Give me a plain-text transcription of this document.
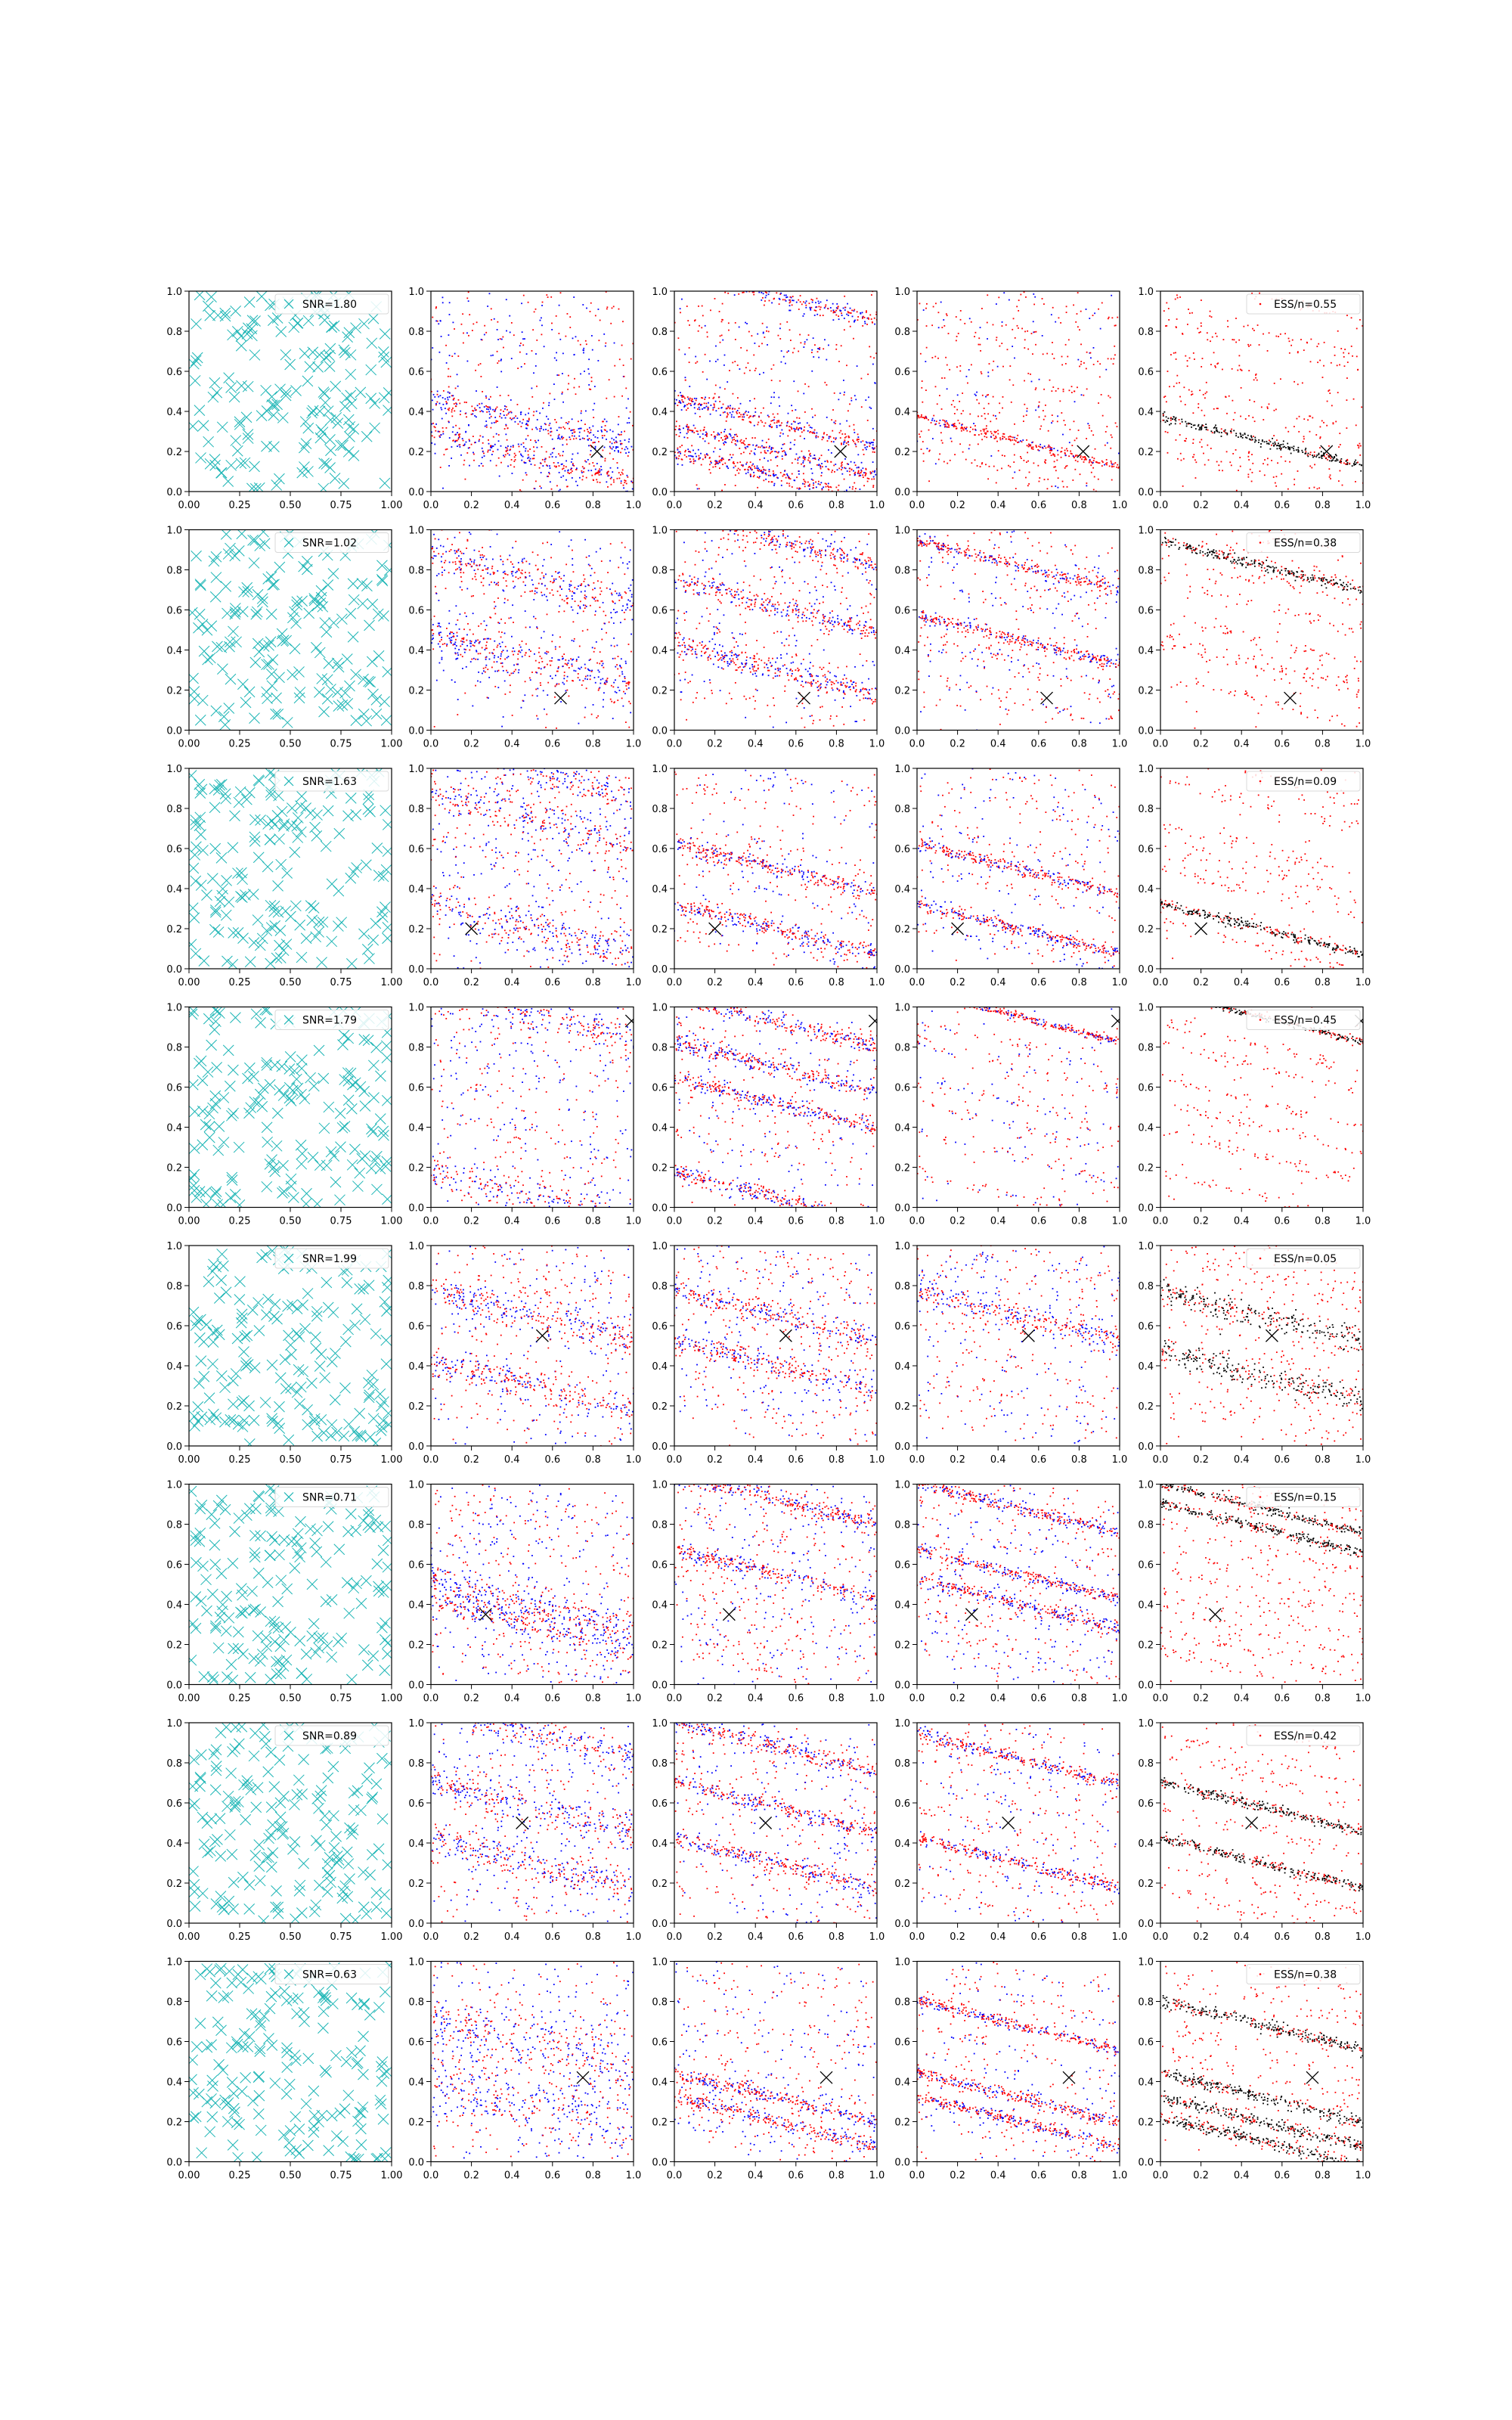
0.00	0.25	0.50	0.75	1.00
0.0
0.2
0.4
0.6
0.8
1.0
SNR=1.80
0.0	0.2	0.4	0.6	0.8	1.0
0.0
0.2
0.4
0.6
0.8
1.0
0.0	0.2	0.4	0.6	0.8	1.0
0.0
0.2
0.4
0.6
0.8
1.0
0.0	0.2	0.4	0.6	0.8	1.0
0.0
0.2
0.4
0.6
0.8
1.0
0.0	0.2	0.4	0.6	0.8	1.0
0.0
0.2
0.4
0.6
0.8
1.0
ESS/n=0.55
0.00	0.25	0.50	0.75	1.00
0.0
0.2
0.4
0.6
0.8
1.0
SNR=1.02
0.0	0.2	0.4	0.6	0.8	1.0
0.0
0.2
0.4
0.6
0.8
1.0
0.0	0.2	0.4	0.6	0.8	1.0
0.0
0.2
0.4
0.6
0.8
1.0
0.0	0.2	0.4	0.6	0.8	1.0
0.0
0.2
0.4
0.6
0.8
1.0
0.0	0.2	0.4	0.6	0.8	1.0
0.0
0.2
0.4
0.6
0.8
1.0
ESS/n=0.38
0.00	0.25	0.50	0.75	1.00
0.0
0.2
0.4
0.6
0.8
1.0
SNR=1.63
0.0	0.2	0.4	0.6	0.8	1.0
0.0
0.2
0.4
0.6
0.8
1.0
0.0	0.2	0.4	0.6	0.8	1.0
0.0
0.2
0.4
0.6
0.8
1.0
0.0	0.2	0.4	0.6	0.8	1.0
0.0
0.2
0.4
0.6
0.8
1.0
0.0	0.2	0.4	0.6	0.8	1.0
0.0
0.2
0.4
0.6
0.8
1.0
ESS/n=0.09
0.00	0.25	0.50	0.75	1.00
0.0
0.2
0.4
0.6
0.8
1.0
SNR=1.79
0.0	0.2	0.4	0.6	0.8	1.0
0.0
0.2
0.4
0.6
0.8
1.0
0.0	0.2	0.4	0.6	0.8	1.0
0.0
0.2
0.4
0.6
0.8
1.0
0.0	0.2	0.4	0.6	0.8	1.0
0.0
0.2
0.4
0.6
0.8
1.0
0.0	0.2	0.4	0.6	0.8	1.0
0.0
0.2
0.4
0.6
0.8
1.0
ESS/n=0.45
0.00	0.25	0.50	0.75	1.00
0.0
0.2
0.4
0.6
0.8
1.0
SNR=1.99
0.0	0.2	0.4	0.6	0.8	1.0
0.0
0.2
0.4
0.6
0.8
1.0
0.0	0.2	0.4	0.6	0.8	1.0
0.0
0.2
0.4
0.6
0.8
1.0
0.0	0.2	0.4	0.6	0.8	1.0
0.0
0.2
0.4
0.6
0.8
1.0
0.0	0.2	0.4	0.6	0.8	1.0
0.0
0.2
0.4
0.6
0.8
1.0
ESS/n=0.05
0.00	0.25	0.50	0.75	1.00
0.0
0.2
0.4
0.6
0.8
1.0
SNR=0.71
0.0	0.2	0.4	0.6	0.8	1.0
0.0
0.2
0.4
0.6
0.8
1.0
0.0	0.2	0.4	0.6	0.8	1.0
0.0
0.2
0.4
0.6
0.8
1.0
0.0	0.2	0.4	0.6	0.8	1.0
0.0
0.2
0.4
0.6
0.8
1.0
0.0	0.2	0.4	0.6	0.8	1.0
0.0
0.2
0.4
0.6
0.8
1.0
ESS/n=0.15
0.00	0.25	0.50	0.75	1.00
0.0
0.2
0.4
0.6
0.8
1.0
SNR=0.89
0.0	0.2	0.4	0.6	0.8	1.0
0.0
0.2
0.4
0.6
0.8
1.0
0.0	0.2	0.4	0.6	0.8	1.0
0.0
0.2
0.4
0.6
0.8
1.0
0.0	0.2	0.4	0.6	0.8	1.0
0.0
0.2
0.4
0.6
0.8
1.0
0.0	0.2	0.4	0.6	0.8	1.0
0.0
0.2
0.4
0.6
0.8
1.0
ESS/n=0.42
0.00	0.25	0.50	0.75	1.00
0.0
0.2
0.4
0.6
0.8
1.0
SNR=0.63
0.0	0.2	0.4	0.6	0.8	1.0
0.0
0.2
0.4
0.6
0.8
1.0
0.0	0.2	0.4	0.6	0.8	1.0
0.0
0.2
0.4
0.6
0.8
1.0
0.0	0.2	0.4	0.6	0.8	1.0
0.0
0.2
0.4
0.6
0.8
1.0
0.0	0.2	0.4	0.6	0.8	1.0
0.0
0.2
0.4
0.6
0.8
1.0
ESS/n=0.38
